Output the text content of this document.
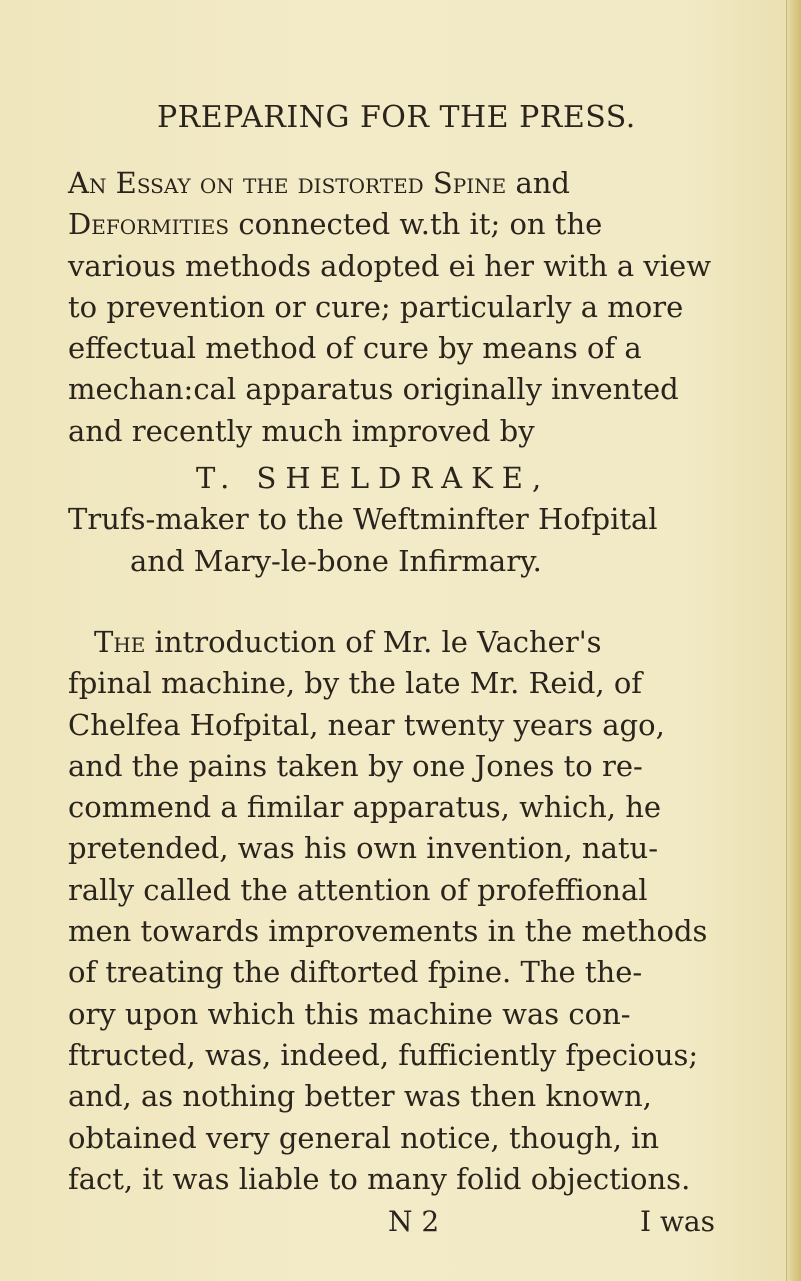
PREPARING FOR THE PRESS.
An Essay on the distorted Spine and
Deformities connected w.th it; on the
various methods adopted ei her with a view
to prevention or cure; particularly a more
effectual method of cure by means of a
mechan:cal apparatus originally invented
and recently much improved by
T. SHELDRAKE,
Trufs-maker to the Weftminfter Hofpital
and Mary-le-bone Infirmary.
The introduction of Mr. le Vacher's
fpinal machine, by the late Mr. Reid, of
Chelfea Hofpital, near twenty years ago,
and the pains taken by one Jones to re-
commend a fimilar apparatus, which, he
pretended, was his own invention, natu-
rally called the attention of profeffional
men towards improvements in the methods
of treating the diftorted fpine. The the-
ory upon which this machine was con-
ftructed, was, indeed, fufficiently fpecious;
and, as nothing better was then known,
obtained very general notice, though, in
fact, it was liable to many folid objections.
N 2	I was
